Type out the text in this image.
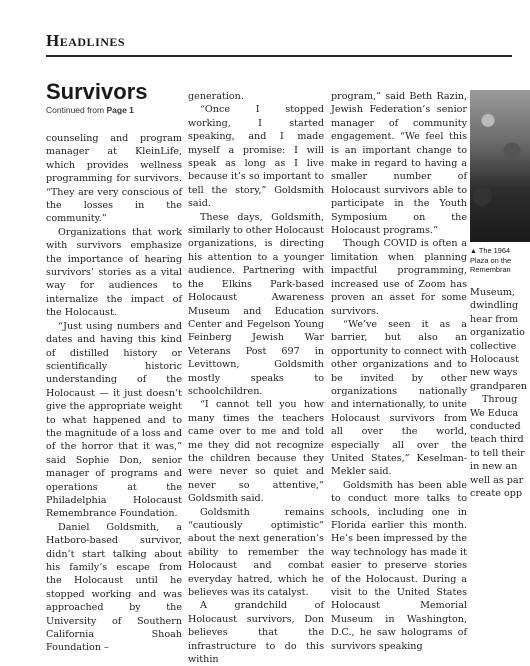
Headlines
Survivors
Continued from Page 1

counseling and program manager at KleinLife, which provides wellness programming for survivors. “They are very conscious of the losses in the community.”

Organizations that work with survivors emphasize the importance of hearing survivors’ stories as a vital way for audiences to internalize the impact of the Holocaust.

“Just using numbers and dates and having this kind of distilled history or scientifically historic understanding of the Holocaust — it just doesn’t give the appropriate weight to what happened and to the magnitude of a loss and of the horror that it was,” said Sophie Don, senior manager of programs and operations at the Philadelphia Holocaust Remembrance Foundation.

Daniel Goldsmith, a Hatboro-based survivor, didn’t start talking about his family’s escape from the Holocaust until he stopped working and was approached by the University of Southern California Shoah Foundation –

generation.

“Once I stopped working, I started speaking, and I made myself a promise: I will speak as long as I live because it’s so important to tell the story,” Goldsmith said.

These days, Goldsmith, similarly to other Holocaust organizations, is directing his attention to a younger audience. Partnering with the Elkins Park-based Holocaust Awareness Museum and Education Center and Fegelson Young Feinberg Jewish War Veterans Post 697 in Levittown, Goldsmith mostly speaks to schoolchildren.

“I cannot tell you how many times the teachers came over to me and told me they did not recognize the children because they were never so quiet and never so attentive,” Goldsmith said.

Goldsmith remains “cautiously optimistic” about the next generation’s ability to remember the Holocaust and combat everyday hatred, which he believes was its catalyst.

A grandchild of Holocaust survivors, Don believes that the infrastructure to do this within

program,” said Beth Razin, Jewish Federation’s senior manager of community engagement. “We feel this is an important change to make in regard to having a smaller number of Holocaust survivors able to participate in the Youth Symposium on the Holocaust programs.”

Though COVID is often a limitation when planning impactful programming, increased use of Zoom has proven an asset for some survivors.

“We’ve seen it as a barrier, but also an opportunity to connect with other organizations and to be invited by other organizations nationally and internationally, to unite Holocaust survivors from all over the world, especially all over the United States,” Keselman-Mekler said.

Goldsmith has been able to conduct more talks to schools, including one in Florida earlier this month. He’s been impressed by the way technology has made it easier to preserve stories of the Holocaust. During a visit to the United States Holocaust Memorial Museum in Washington, D.C., he saw holograms of survivors speaking

▲ The 1964
Plaza on the
Remembran
Museum,
dwindling
hear from
organizatio
collective
Holocaust
new ways
grandparen
Throug
We Educa
conducted
teach third
to tell their
in new an
well as par
create opp
